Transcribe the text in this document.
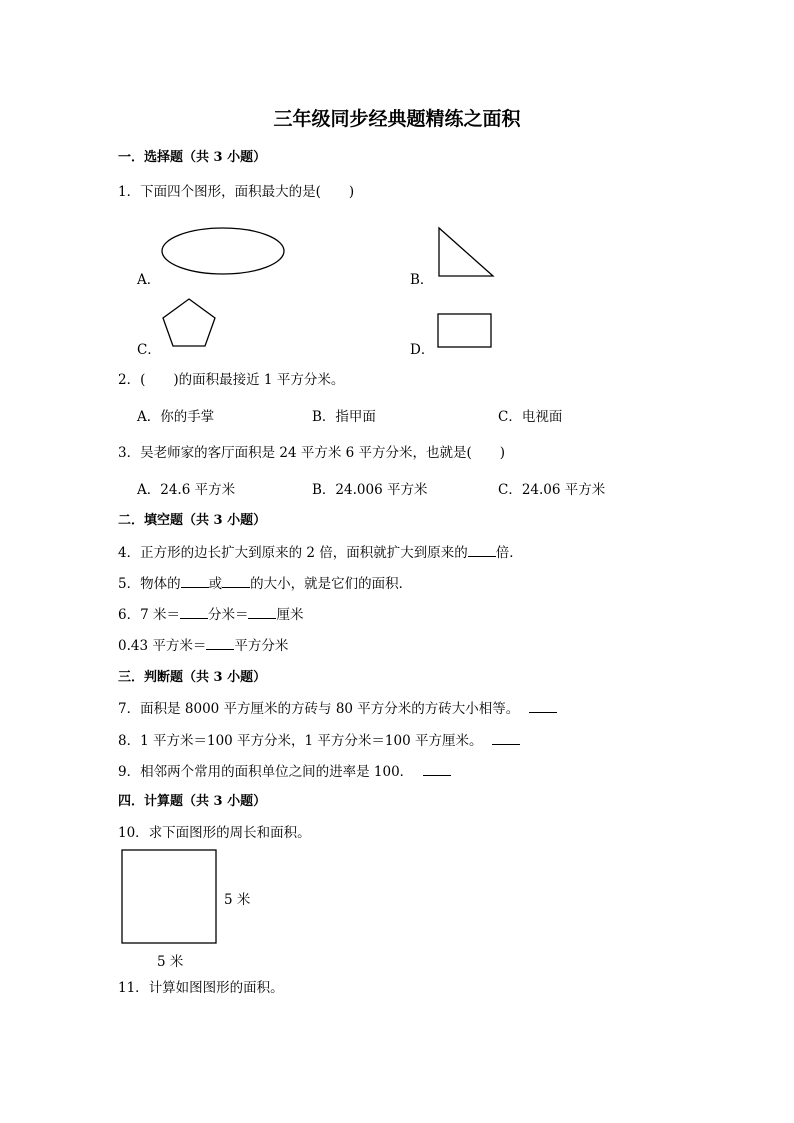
三年级同步经典题精练之面积
一．选择题（共 3 小题）
1．下面四个图形，面积最大的是( )
A．	B．
C．	D．
2．( )的面积最接近 1 平方分米。
A．你的手掌	B．指甲面	C．电视面
3．吴老师家的客厅面积是 24 平方米 6 平方分米，也就是( )
A．24.6 平方米	B．24.006 平方米	C．24.06 平方米
二．填空题（共 3 小题）
4．正方形的边长扩大到原来的 2 倍，面积就扩大到原来的 倍．
5．物体的 或 的大小，就是它们的面积．
6．7 米＝ 分米＝ 厘米
0.43 平方米＝ 平方分米
三．判断题（共 3 小题）
7．面积是 8000 平方厘米的方砖与 80 平方分米的方砖大小相等。
8．1 平方米＝100 平方分米，1 平方分米＝100 平方厘米。
9．相邻两个常用的面积单位之间的进率是 100．
四．计算题（共 3 小题）
10．求下面图形的周长和面积。
5 米
5 米
11．计算如图图形的面积。
